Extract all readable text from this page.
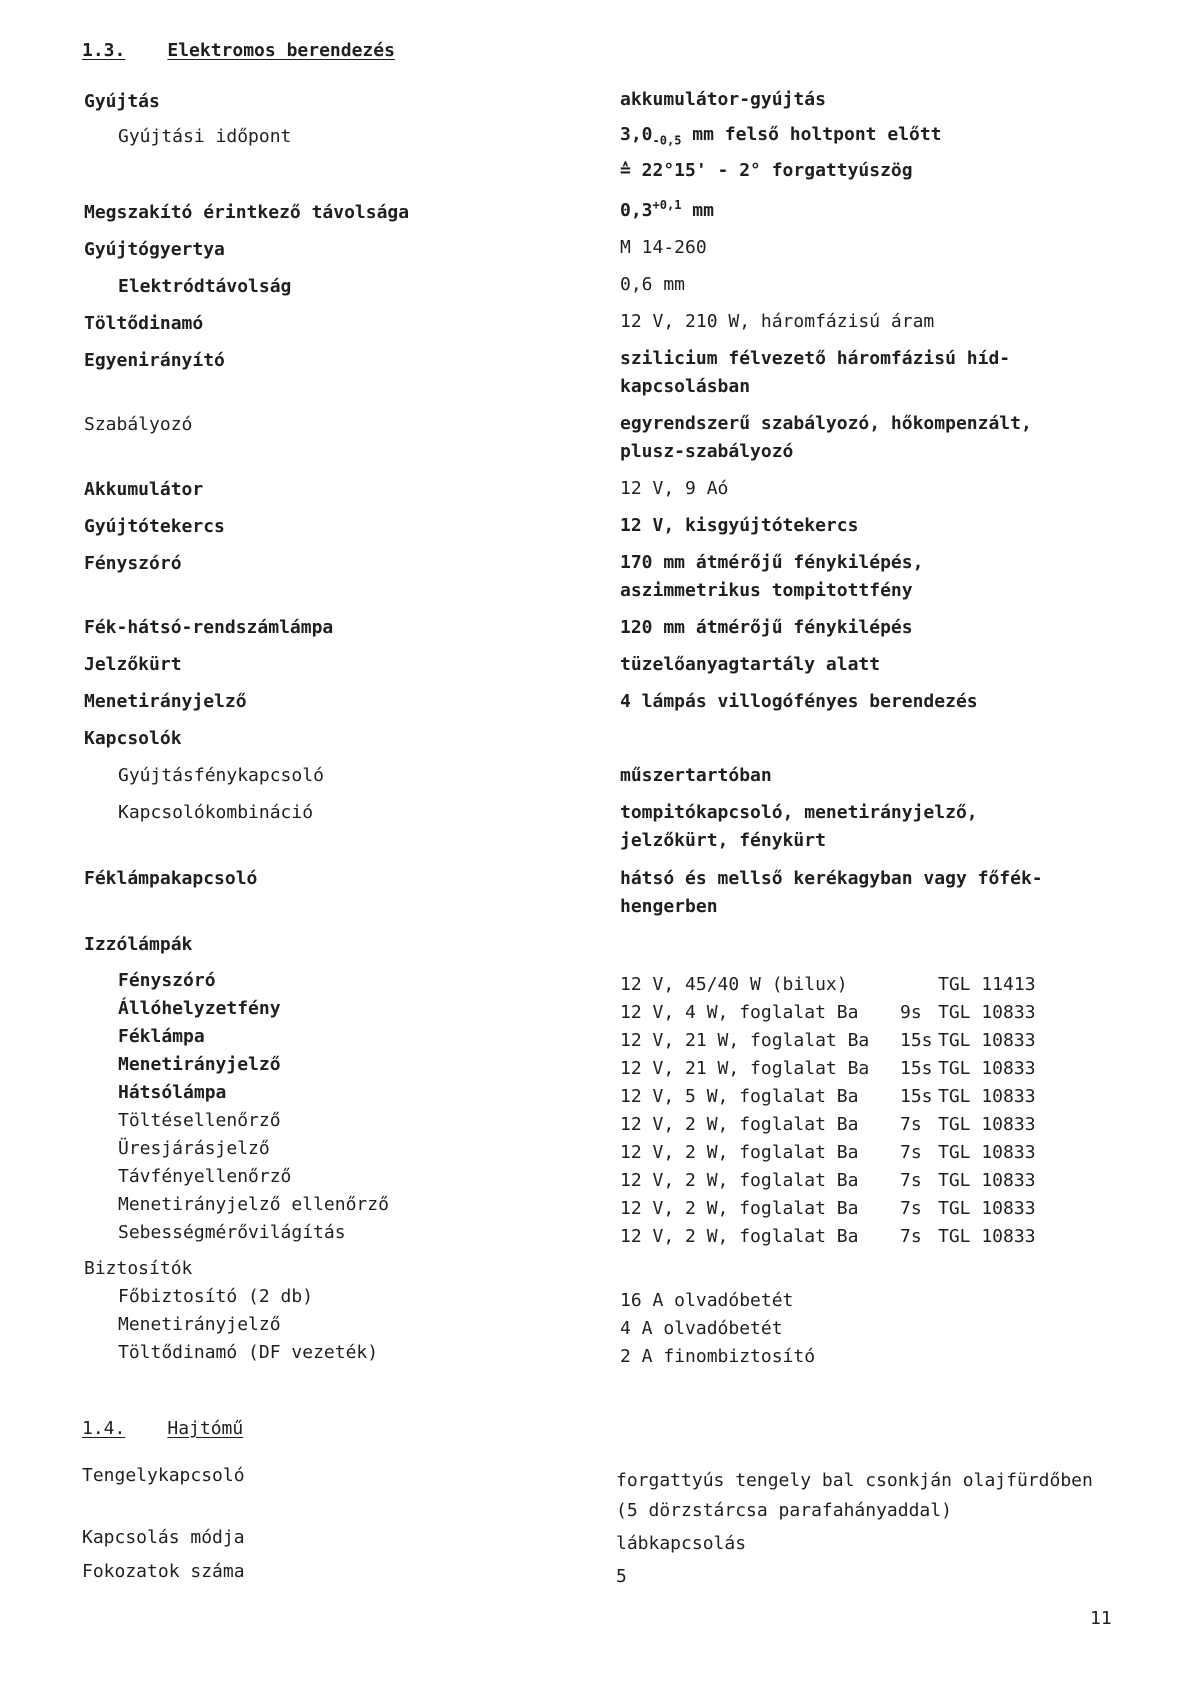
1.3. Elektromos berendezés
Gyújtás	akkumulátor-gyújtás
Gyújtási időpont	$3,0_{-0,5}$ mm felső holtpont előtt
≙ 22°15' - 2° forgattyúszög
Megszakító érintkező távolsága	$0,3^{+0,1}$ mm
Gyújtógyertya	M 14-260
Elektródtávolság	0,6 mm
Töltődinamó	12 V, 210 W, háromfázisú áram
Egyenirányító	szilicium félvezető háromfázisú híd-
kapcsolásban
Szabályozó	egyrendszerű szabályozó, hőkompenzált,
plusz-szabályozó
Akkumulátor	12 V, 9 Aó
Gyújtótekercs	12 V, kisgyújtótekercs
Fényszóró	170 mm átmérőjű fénykilépés,
aszimmetrikus tompitottfény
Fék-hátsó-rendszámlámpa	120 mm átmérőjű fénykilépés
Jelzőkürt	tüzelőanyagtartály alatt
Menetirányjelző	4 lámpás villogófényes berendezés
Kapcsolók
Gyújtásfénykapcsoló	műszertartóban
Kapcsolókombináció	tompitókapcsoló, menetirányjelző,
jelzőkürt, fénykürt
Féklámpakapcsoló	hátsó és mellső kerékagyban vagy főfék-
hengerben
Izzólámpák
Fényszóró	12 V, 45/40 W (bilux)	TGL 11413
Állóhelyzetfény	12 V, 4 W, foglalat Ba 9s TGL 10833
Féklámpa	12 V, 21 W, foglalat Ba 15s TGL 10833
Menetirányjelző	12 V, 21 W, foglalat Ba 15s TGL 10833
Hátsólámpa	12 V, 5 W, foglalat Ba 15s TGL 10833
Töltésellenőrző	12 V, 2 W, foglalat Ba 7s TGL 10833
Üresjárásjelző	12 V, 2 W, foglalat Ba 7s TGL 10833
Távfényellenőrző	12 V, 2 W, foglalat Ba 7s TGL 10833
Menetirányjelző ellenőrző	12 V, 2 W, foglalat Ba 7s TGL 10833
Sebességmérővilágítás	12 V, 2 W, foglalat Ba 7s TGL 10833
Biztosítók
Főbiztosító (2 db)	16 A olvadóbetét
Menetirányjelző	4 A olvadóbetét
Töltődinamó (DF vezeték)	2 A finombiztosító
1.4. Hajtómű
Tengelykapcsoló	forgattyús tengely bal csonkján olajfürdőben
(5 dörzstárcsa parafahányaddal)
Kapcsolás módja	lábkapcsolás
Fokozatok száma	5
11
